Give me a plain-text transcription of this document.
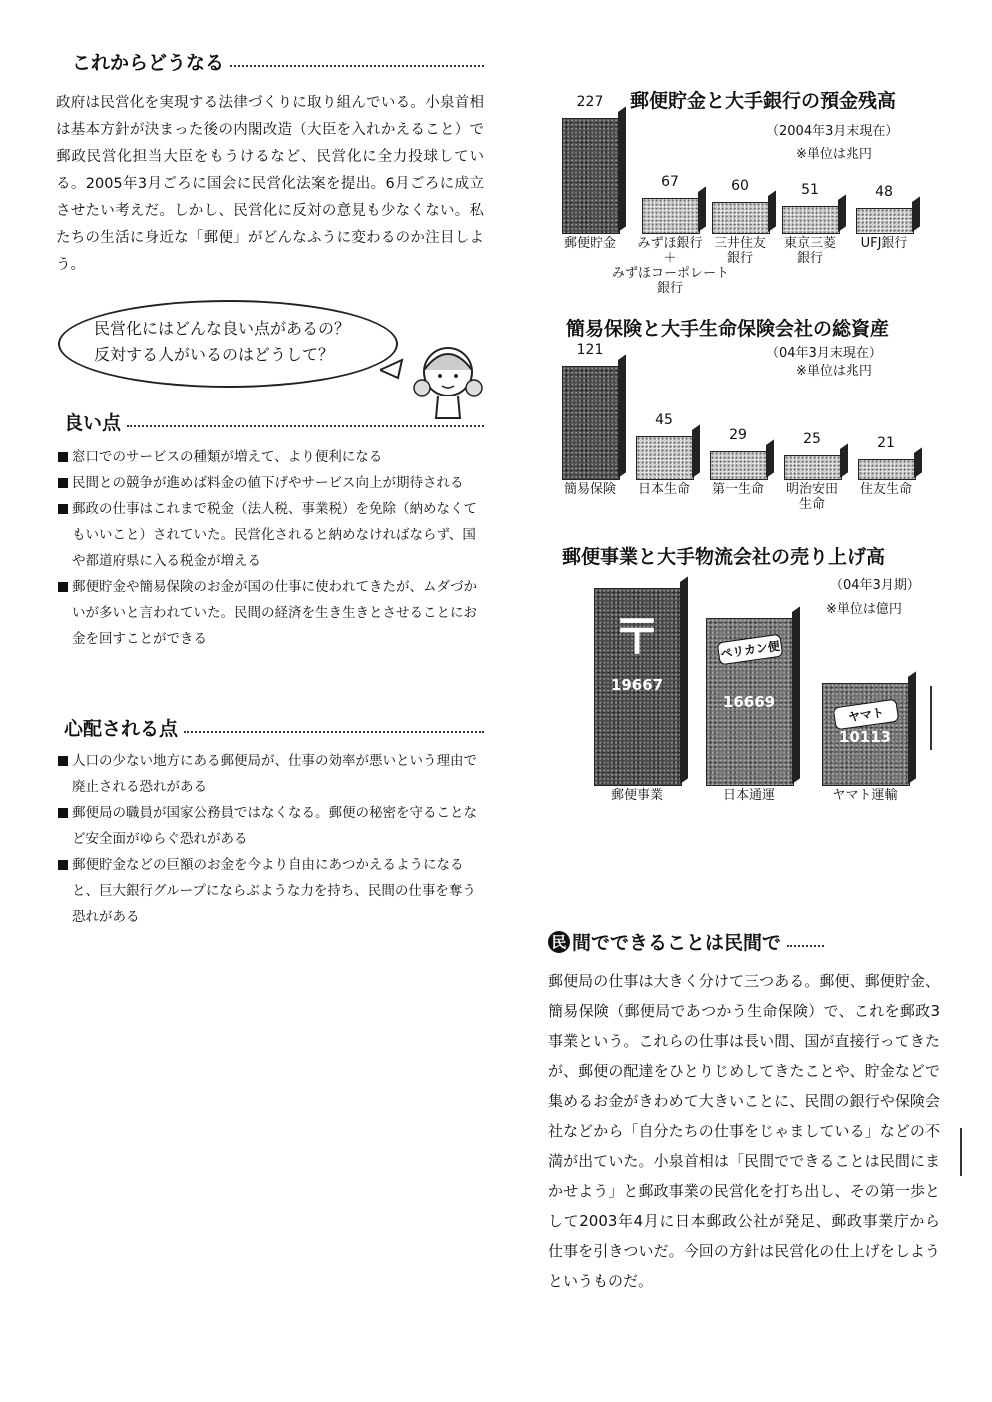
これからどうなる
政府は民営化を実現する法律づくりに取り組んでいる。小泉首相は基本方針が決まった後の内閣改造（大臣を入れかえること）で郵政民営化担当大臣をもうけるなど、民営化に全力投球している。2005年3月ごろに国会に民営化法案を提出。6月ごろに成立させたい考えだ。しかし、民営化に反対の意見も少なくない。私たちの生活に身近な「郵便」がどんなふうに変わるのか注目しよう。
民営化にはどんな良い点があるの？
反対する人がいるのはどうして？
良い点
窓口でのサービスの種類が増えて、より便利になる
民間との競争が進めば料金の値下げやサービス向上が期待される
郵政の仕事はこれまで税金（法人税、事業税）を免除（納めなくてもいいこと）されていた。民営化されると納めなければならず、国や都道府県に入る税金が増える
郵便貯金や簡易保険のお金が国の仕事に使われてきたが、ムダづかいが多いと言われていた。民間の経済を生き生きとさせることにお金を回すことができる
心配される点
人口の少ない地方にある郵便局が、仕事の効率が悪いという理由で廃止される恐れがある
郵便局の職員が国家公務員ではなくなる。郵便の秘密を守ることなど安全面がゆらぐ恐れがある
郵便貯金などの巨額のお金を今より自由にあつかえるようになると、巨大銀行グループにならぶような力を持ち、民間の仕事を奪う恐れがある
郵便貯金と大手銀行の預金残高
（2004年3月末現在）
※単位は兆円
227
郵便貯金
67
みずほ銀行
＋
みずほコーポレート
銀行
60
三井住友
銀行
51
東京三菱
銀行
48
UFJ銀行
簡易保険と大手生命保険会社の総資産
（04年3月末現在）
※単位は兆円
121
簡易保険
45
日本生命
29
第一生命
25
明治安田
生命
21
住友生命
郵便事業と大手物流会社の売り上げ高
（04年3月期）
※単位は億円
19667
郵便事業
〒
16669
日本通運
ペリカン便
10113
ヤマト運輸
ヤマト
民 間でできることは民間で
郵便局の仕事は大きく分けて三つある。郵便、郵便貯金、簡易保険（郵便局であつかう生命保険）で、これを郵政3事業という。これらの仕事は長い間、国が直接行ってきたが、郵便の配達をひとりじめしてきたことや、貯金などで集めるお金がきわめて大きいことに、民間の銀行や保険会社などから「自分たちの仕事をじゃましている」などの不満が出ていた。小泉首相は「民間でできることは民間にまかせよう」と郵政事業の民営化を打ち出し、その第一歩として2003年4月に日本郵政公社が発足、郵政事業庁から仕事を引きついだ。今回の方針は民営化の仕上げをしようというものだ。
